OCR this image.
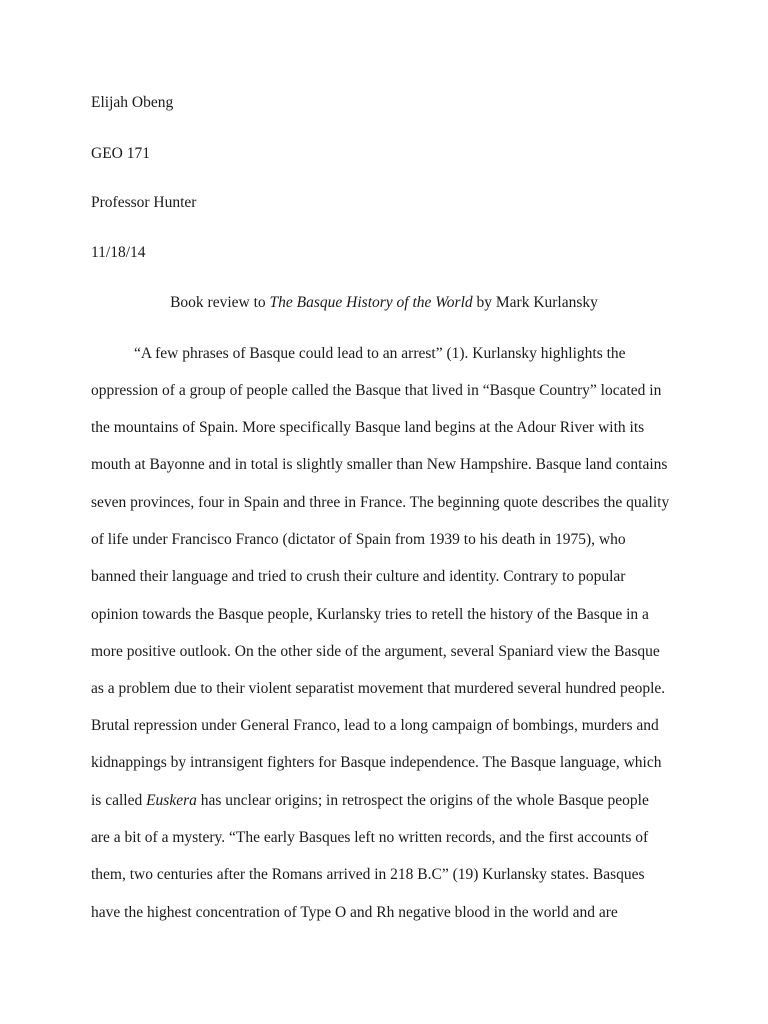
Elijah Obeng
GEO 171
Professor Hunter
11/18/14
Book review to The Basque History of the World by Mark Kurlansky
“A few phrases of Basque could lead to an arrest” (1). Kurlansky highlights the
oppression of a group of people called the Basque that lived in “Basque Country” located in
the mountains of Spain. More specifically Basque land begins at the Adour River with its
mouth at Bayonne and in total is slightly smaller than New Hampshire. Basque land contains
seven provinces, four in Spain and three in France. The beginning quote describes the quality
of life under Francisco Franco (dictator of Spain from 1939 to his death in 1975), who
banned their language and tried to crush their culture and identity. Contrary to popular
opinion towards the Basque people, Kurlansky tries to retell the history of the Basque in a
more positive outlook. On the other side of the argument, several Spaniard view the Basque
as a problem due to their violent separatist movement that murdered several hundred people.
Brutal repression under General Franco, lead to a long campaign of bombings, murders and
kidnappings by intransigent fighters for Basque independence. The Basque language, which
is called Euskera has unclear origins; in retrospect the origins of the whole Basque people
are a bit of a mystery. “The early Basques left no written records, and the first accounts of
them, two centuries after the Romans arrived in 218 B.C” (19) Kurlansky states. Basques
have the highest concentration of Type O and Rh negative blood in the world and are
